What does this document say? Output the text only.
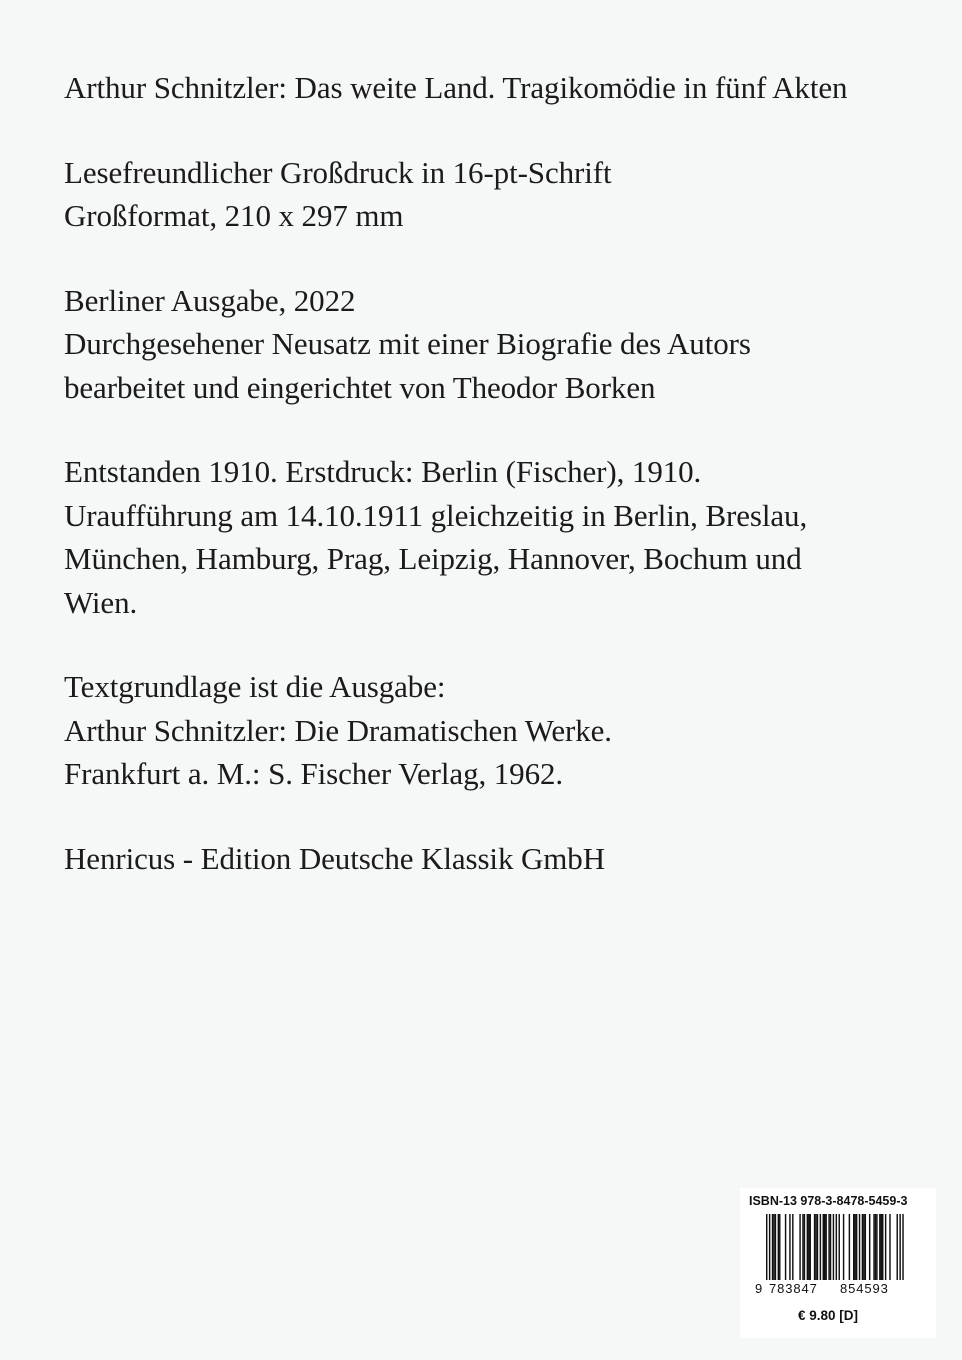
Arthur Schnitzler: Das weite Land. Tragikomödie in fünf Akten
Lesefreundlicher Großdruck in 16-pt-Schrift
Großformat, 210 x 297 mm
Berliner Ausgabe, 2022
Durchgesehener Neusatz mit einer Biografie des Autors
bearbeitet und eingerichtet von Theodor Borken
Entstanden 1910. Erstdruck: Berlin (Fischer), 1910.
Uraufführung am 14.10.1911 gleichzeitig in Berlin, Breslau,
München, Hamburg, Prag, Leipzig, Hannover, Bochum und
Wien.
Textgrundlage ist die Ausgabe:
Arthur Schnitzler: Die Dramatischen Werke.
Frankfurt a. M.: S. Fischer Verlag, 1962.
Henricus - Edition Deutsche Klassik GmbH
ISBN-13 978-3-8478-5459-3
9 783847 854593
€ 9.80 [D]
